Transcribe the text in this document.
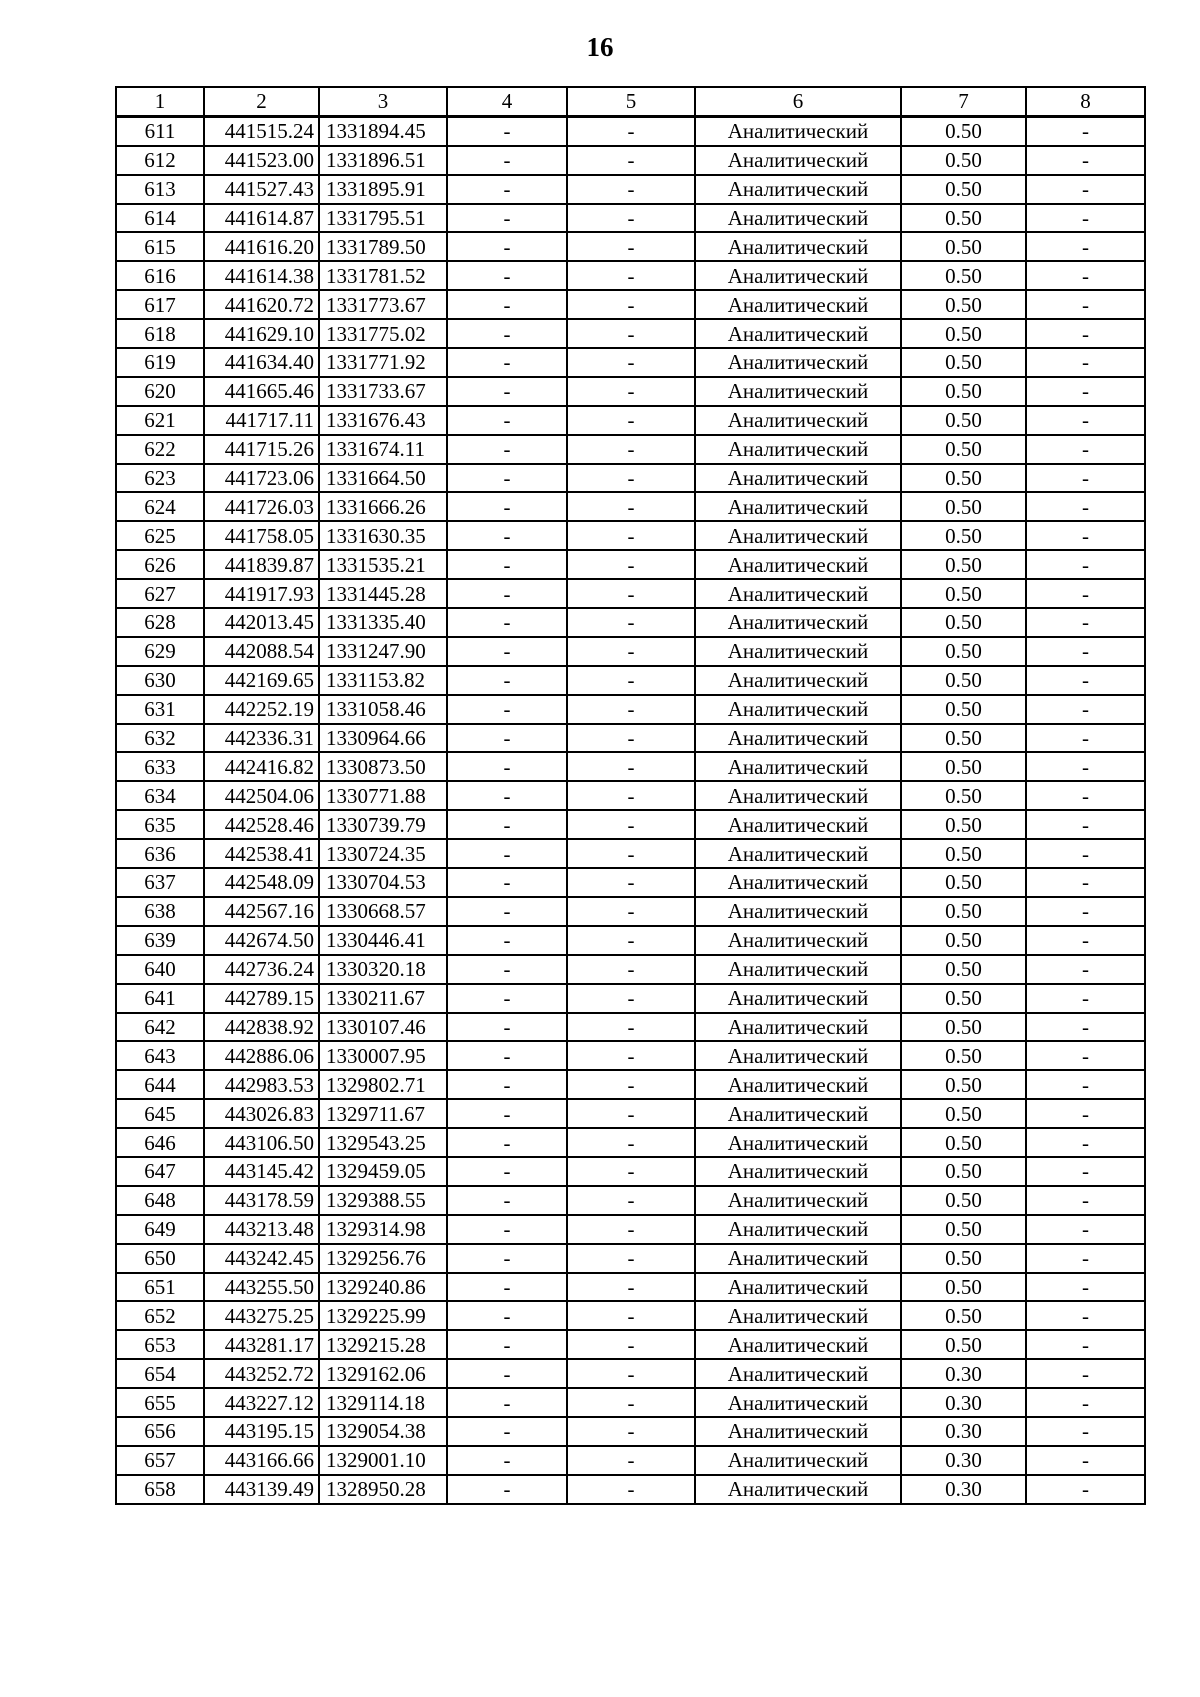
16
1	2	3	4	5	6	7	8
611	441515.24	1331894.45	-	-	Аналитический	0.50	-
612	441523.00	1331896.51	-	-	Аналитический	0.50	-
613	441527.43	1331895.91	-	-	Аналитический	0.50	-
614	441614.87	1331795.51	-	-	Аналитический	0.50	-
615	441616.20	1331789.50	-	-	Аналитический	0.50	-
616	441614.38	1331781.52	-	-	Аналитический	0.50	-
617	441620.72	1331773.67	-	-	Аналитический	0.50	-
618	441629.10	1331775.02	-	-	Аналитический	0.50	-
619	441634.40	1331771.92	-	-	Аналитический	0.50	-
620	441665.46	1331733.67	-	-	Аналитический	0.50	-
621	441717.11	1331676.43	-	-	Аналитический	0.50	-
622	441715.26	1331674.11	-	-	Аналитический	0.50	-
623	441723.06	1331664.50	-	-	Аналитический	0.50	-
624	441726.03	1331666.26	-	-	Аналитический	0.50	-
625	441758.05	1331630.35	-	-	Аналитический	0.50	-
626	441839.87	1331535.21	-	-	Аналитический	0.50	-
627	441917.93	1331445.28	-	-	Аналитический	0.50	-
628	442013.45	1331335.40	-	-	Аналитический	0.50	-
629	442088.54	1331247.90	-	-	Аналитический	0.50	-
630	442169.65	1331153.82	-	-	Аналитический	0.50	-
631	442252.19	1331058.46	-	-	Аналитический	0.50	-
632	442336.31	1330964.66	-	-	Аналитический	0.50	-
633	442416.82	1330873.50	-	-	Аналитический	0.50	-
634	442504.06	1330771.88	-	-	Аналитический	0.50	-
635	442528.46	1330739.79	-	-	Аналитический	0.50	-
636	442538.41	1330724.35	-	-	Аналитический	0.50	-
637	442548.09	1330704.53	-	-	Аналитический	0.50	-
638	442567.16	1330668.57	-	-	Аналитический	0.50	-
639	442674.50	1330446.41	-	-	Аналитический	0.50	-
640	442736.24	1330320.18	-	-	Аналитический	0.50	-
641	442789.15	1330211.67	-	-	Аналитический	0.50	-
642	442838.92	1330107.46	-	-	Аналитический	0.50	-
643	442886.06	1330007.95	-	-	Аналитический	0.50	-
644	442983.53	1329802.71	-	-	Аналитический	0.50	-
645	443026.83	1329711.67	-	-	Аналитический	0.50	-
646	443106.50	1329543.25	-	-	Аналитический	0.50	-
647	443145.42	1329459.05	-	-	Аналитический	0.50	-
648	443178.59	1329388.55	-	-	Аналитический	0.50	-
649	443213.48	1329314.98	-	-	Аналитический	0.50	-
650	443242.45	1329256.76	-	-	Аналитический	0.50	-
651	443255.50	1329240.86	-	-	Аналитический	0.50	-
652	443275.25	1329225.99	-	-	Аналитический	0.50	-
653	443281.17	1329215.28	-	-	Аналитический	0.50	-
654	443252.72	1329162.06	-	-	Аналитический	0.30	-
655	443227.12	1329114.18	-	-	Аналитический	0.30	-
656	443195.15	1329054.38	-	-	Аналитический	0.30	-
657	443166.66	1329001.10	-	-	Аналитический	0.30	-
658	443139.49	1328950.28	-	-	Аналитический	0.30	-
